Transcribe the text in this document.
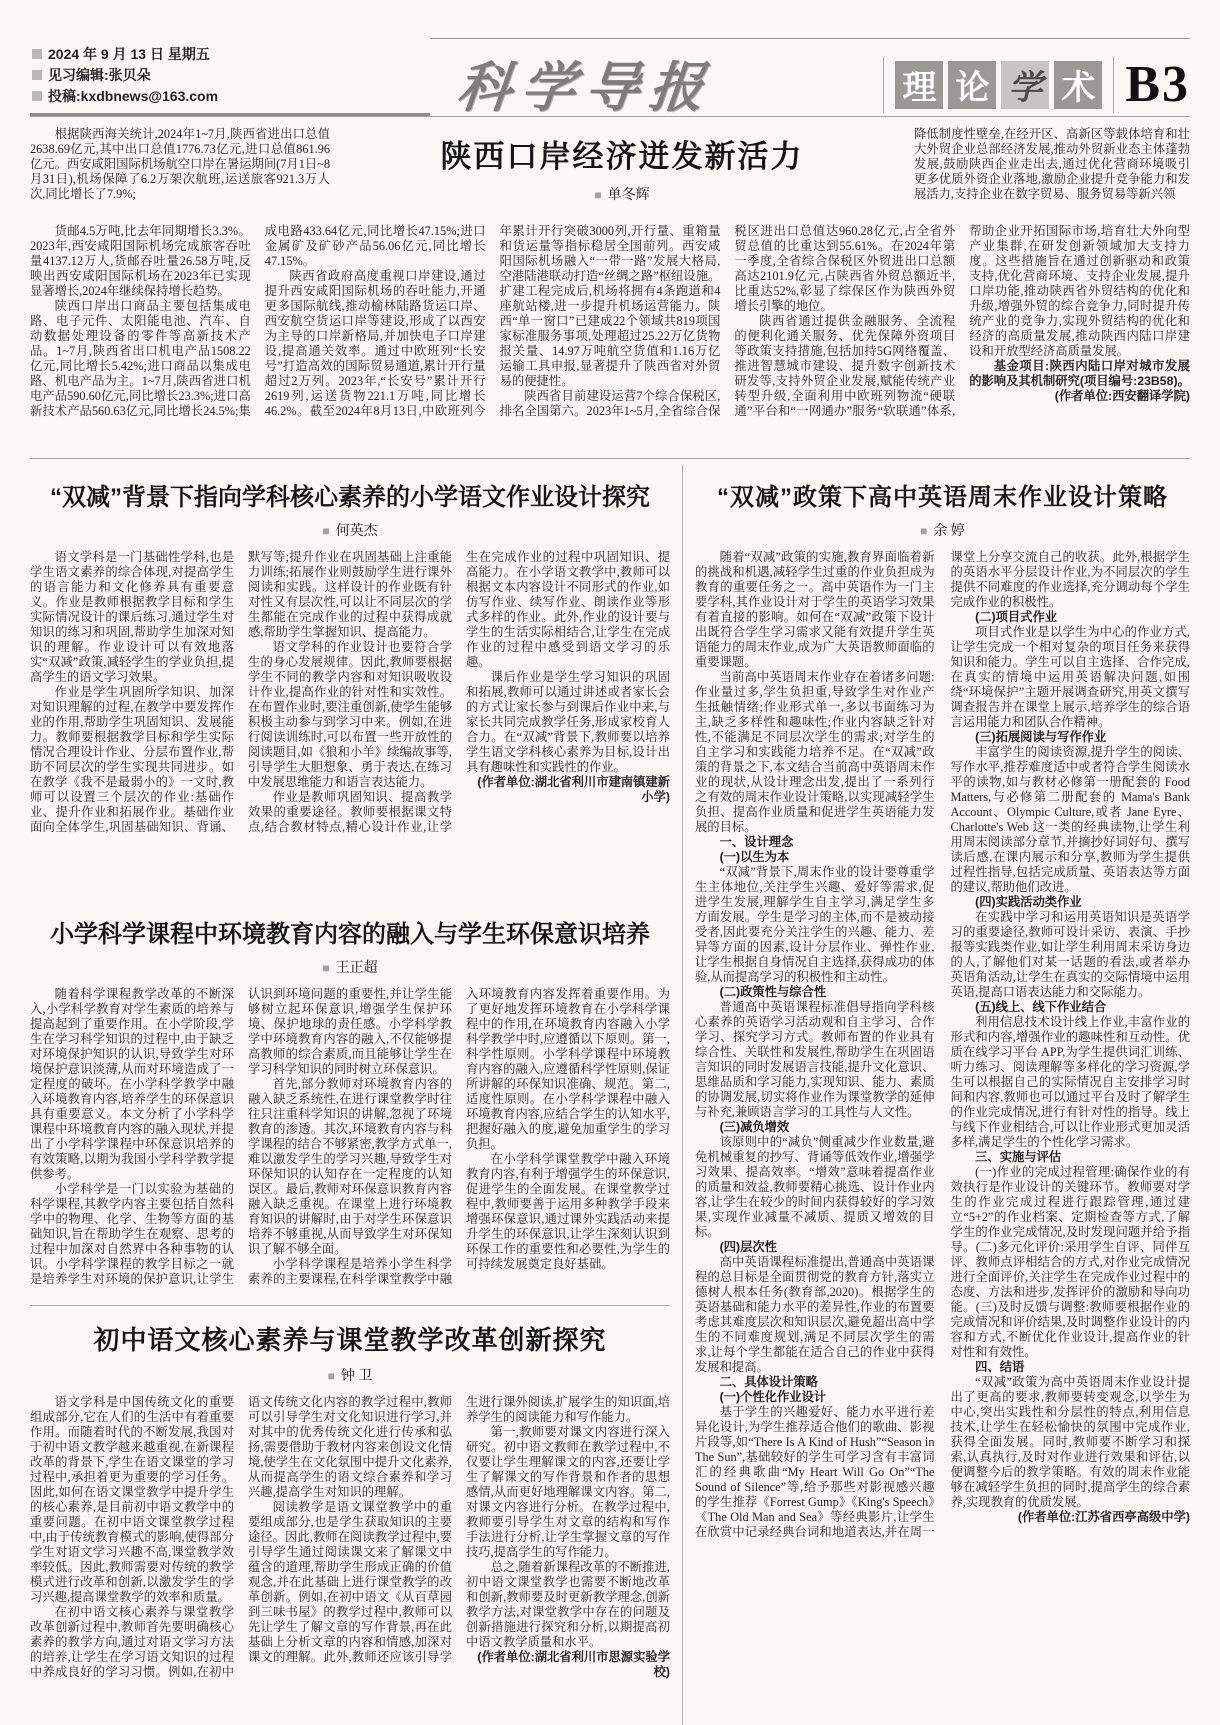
2024 年 9 月 13 日 星期五
见习编辑:张贝朵
投稿:kxdbnews@163.com	科学导报	理 论 学 术 B3
根据陕西海关统计,2024年1~7月,陕西省进出口总值2638.69亿元,其中出口总值1776.73亿元,进口总值861.96亿元。西安咸阳国际机场航空口岸在暑运期间(7月1日~8月31日),机场保障了6.2万架次航班,运送旅客921.3万人次,同比增长了7.9%;
陕西口岸经济迸发新活力
■ 单冬辉
降低制度性壁垒,在经开区、高新区等载体培育和壮大外贸企业总部经济发展,推动外贸新业态主体蓬勃发展,鼓励陕西企业走出去,通过优化营商环境吸引更多优质外资企业落地,激励企业提升竞争能力和发展活力,支持企业在数字贸易、服务贸易等新兴领

货邮4.5万吨,比去年同期增长3.3%。2023年,西安咸阳国际机场完成旅客吞吐量4137.12万人,货邮吞吐量26.58万吨,反映出西安咸阳国际机场在2023年已实现显著增长,2024年继续保持增长趋势。

陕西口岸出口商品主要包括集成电路、电子元件、太阳能电池、汽车、自动数据处理设备的零件等高新技术产品。1~7月,陕西省出口机电产品1508.22亿元,同比增长5.42%;进口商品以集成电路、机电产品为主。1~7月,陕西省进口机电产品590.60亿元,同比增长23.3%;进口高新技术产品560.63亿元,同比增长24.5%;集成电路433.64亿元,同比增长47.15%;进口金属矿及矿砂产品56.06亿元,同比增长47.15%。

陕西省政府高度重视口岸建设,通过提升西安咸阳国际机场的吞吐能力,开通更多国际航线,推动榆林陆路货运口岸、西安航空货运口岸等建设,形成了以西安为主导的口岸新格局,并加快电子口岸建设,提高通关效率。通过中欧班列“长安号”打造高效的国际贸易通道,累计开行量超过2万列。2023年,“长安号”累计开行2619列,运送货物221.1万吨,同比增长46.2%。截至2024年8月13日,中欧班列今年累计开行突破3000列,开行量、重箱量和货运量等指标稳居全国前列。西安咸阳国际机场融入“一带一路”发展大格局,空港陆港联动打造“丝绸之路”枢纽设施。扩建工程完成后,机场将拥有4条跑道和4座航站楼,进一步提升机场运营能力。陕西“单一窗口”已建成22个领域共819项国家标准服务事项,处理超过25.22万亿货物报关量、14.97万吨航空货值和1.16万亿运输工具申报,显著提升了陕西省对外贸易的便捷性。

陕西省目前建设运营7个综合保税区,排名全国第六。2023年1~5月,全省综合保税区进出口总值达960.28亿元,占全省外贸总值的比重达到55.61%。在2024年第一季度,全省综合保税区外贸进出口总额高达2101.9亿元,占陕西省外贸总额近半,比重达52%,彰显了综保区作为陕西外贸增长引擎的地位。

陕西省通过提供金融服务、全流程的便利化通关服务、优先保障外资项目等政策支持措施,包括加持5G网络覆盖、推进智慧城市建设、提升数字创新技术研发等,支持外贸企业发展,赋能传统产业转型升级,全面利用中欧班列物流“硬联通”平台和“一网通办”服务“软联通”体系,帮助企业开拓国际市场,培育壮大外向型产业集群,在研发创新领域加大支持力度。这些措施旨在通过创新驱动和政策支持,优化营商环境、支持企业发展,提升口岸功能,推动陕西省外贸结构的优化和升级,增强外贸的综合竞争力,同时提升传统产业的竞争力,实现外贸结构的优化和经济的高质量发展,推动陕西内陆口岸建设和开放型经济高质量发展。

基金项目:陕西内陆口岸对城市发展的影响及其机制研究(项目编号:23B58)。

(作者单位:西安翻译学院)

“双减”背景下指向学科核心素养的小学语文作业设计探究
■ 何英杰

语文学科是一门基础性学科,也是学生语文素养的综合体现,对提高学生的语言能力和文化修养具有重要意义。作业是教师根据教学目标和学生实际情况设计的课后练习,通过学生对知识的练习和巩固,帮助学生加深对知识的理解。作业设计可以有效地落实“双减”政策,减轻学生的学业负担,提高学生的语文学习效果。

作业是学生巩固所学知识、加深对知识理解的过程,在教学中要发挥作业的作用,帮助学生巩固知识、发展能力。教师要根据教学目标和学生实际情况合理设计作业、分层布置作业,帮助不同层次的学生实现共同进步。如在教学《我不是最弱小的》一文时,教师可以设置三个层次的作业:基础作业、提升作业和拓展作业。基础作业面向全体学生,巩固基础知识、背诵、默写等;提升作业在巩固基础上注重能力训练;拓展作业则鼓励学生进行课外阅读和实践。这样设计的作业既有针对性又有层次性,可以让不同层次的学生都能在完成作业的过程中获得成就感,帮助学生掌握知识、提高能力。

语文学科的作业设计也要符合学生的身心发展规律。因此,教师要根据学生不同的教学内容和对知识吸收设计作业,提高作业的针对性和实效性。在布置作业时,要注重创新,使学生能够积极主动参与到学习中来。例如,在进行阅读训练时,可以布置一些开放性的阅读题目,如《狼和小羊》续编故事等,引导学生大胆想象、勇于表达,在练习中发展思维能力和语言表达能力。

作业是教师巩固知识、提高教学效果的重要途径。教师要根据课文特点,结合教材特点,精心设计作业,让学生在完成作业的过程中巩固知识、提高能力。在小学语文教学中,教师可以根据文本内容设计不同形式的作业,如仿写作业、续写作业、朗读作业等形式多样的作业。此外,作业的设计要与学生的生活实际相结合,让学生在完成作业的过程中感受到语文学习的乐趣。

课后作业是学生学习知识的巩固和拓展,教师可以通过讲述或者家长会的方式让家长参与到课后作业中来,与家长共同完成教学任务,形成家校育人合力。在“双减”背景下,教师要以培养学生语文学科核心素养为目标,设计出具有趣味性和实践性的作业。

(作者单位:湖北省利川市建南镇建新小学)

小学科学课程中环境教育内容的融入与学生环保意识培养
■ 王正超

随着科学课程教学改革的不断深入,小学科学教育对学生素质的培养与提高起到了重要作用。在小学阶段,学生在学习科学知识的过程中,由于缺乏对环境保护知识的认识,导致学生对环境保护意识淡薄,从而对环境造成了一定程度的破坏。在小学科学教学中融入环境教育内容,培养学生的环保意识具有重要意义。本文分析了小学科学课程中环境教育内容的融入现状,并提出了小学科学课程中环保意识培养的有效策略,以期为我国小学科学教学提供参考。

小学科学是一门以实验为基础的科学课程,其教学内容主要包括自然科学中的物理、化学、生物等方面的基础知识,旨在帮助学生在观察、思考的过程中加深对自然界中各种事物的认识。小学科学课程的教学目标之一就是培养学生对环境的保护意识,让学生认识到环境问题的重要性,并让学生能够树立起环保意识,增强学生保护环境、保护地球的责任感。小学科学教学中环境教育内容的融入,不仅能够提高教师的综合素质,而且能够让学生在学习科学知识的同时树立环保意识。

首先,部分教师对环境教育内容的融入缺乏系统性,在进行课堂教学时往往只注重科学知识的讲解,忽视了环境教育的渗透。其次,环境教育内容与科学课程的结合不够紧密,教学方式单一,难以激发学生的学习兴趣,导致学生对环保知识的认知存在一定程度的认知误区。最后,教师对环保意识教育内容融入缺乏重视。在课堂上进行环境教育知识的讲解时,由于对学生环保意识培养不够重视,从而导致学生对环保知识了解不够全面。

小学科学课程是培养小学生科学素养的主要课程,在科学课堂教学中融入环境教育内容发挥着重要作用。为了更好地发挥环境教育在小学科学课程中的作用,在环境教育内容融入小学科学教学中时,应遵循以下原则。第一,科学性原则。小学科学课程中环境教育内容的融入,应遵循科学性原则,保证所讲解的环保知识准确、规范。第二,适度性原则。在小学科学课程中融入环境教育内容,应结合学生的认知水平,把握好融入的度,避免加重学生的学习负担。

在小学科学课堂教学中融入环境教育内容,有利于增强学生的环保意识,促进学生的全面发展。在课堂教学过程中,教师要善于运用多种教学手段来增强环保意识,通过课外实践活动来提升学生的环保意识,让学生深刻认识到环保工作的重要性和必要性,为学生的可持续发展奠定良好基础。

初中语文核心素养与课堂教学改革创新探究
■ 钟 卫

语文学科是中国传统文化的重要组成部分,它在人们的生活中有着重要作用。而随着时代的不断发展,我国对于初中语文教学越来越重视,在新课程改革的背景下,学生在语文课堂的学习过程中,承担着更为重要的学习任务。因此,如何在语文课堂教学中提升学生的核心素养,是目前初中语文教学中的重要问题。在初中语文课堂教学过程中,由于传统教育模式的影响,使得部分学生对语文学习兴趣不高,课堂教学效率较低。因此,教师需要对传统的教学模式进行改革和创新,以激发学生的学习兴趣,提高课堂教学的效率和质量。

在初中语文核心素养与课堂教学改革创新过程中,教师首先要明确核心素养的教学方向,通过对语文学习方法的培养,让学生在学习语文知识的过程中养成良好的学习习惯。例如,在初中语文传统文化内容的教学过程中,教师可以引导学生对文化知识进行学习,并对其中的优秀传统文化进行传承和弘扬,需要借助于教材内容来创设文化情境,使学生在文化氛围中提升文化素养,从而提高学生的语文综合素养和学习兴趣,提高学生对知识的理解。

阅读教学是语文课堂教学中的重要组成部分,也是学生获取知识的主要途径。因此,教师在阅读教学过程中,要引导学生通过阅读课文来了解课文中蕴含的道理,帮助学生形成正确的价值观念,并在此基础上进行课堂教学的改革创新。例如,在初中语文《从百草园到三味书屋》的教学过程中,教师可以先让学生了解文章的写作背景,再在此基础上分析文章的内容和情感,加深对课文的理解。此外,教师还应该引导学生进行课外阅读,扩展学生的知识面,培养学生的阅读能力和写作能力。

第一,教师要对课文内容进行深入研究。初中语文教师在教学过程中,不仅要让学生理解课文的内容,还要让学生了解课文的写作背景和作者的思想感情,从而更好地理解课文内容。第二,对课文内容进行分析。在教学过程中,教师要引导学生对文章的结构和写作手法进行分析,让学生掌握文章的写作技巧,提高学生的写作能力。

总之,随着新课程改革的不断推进,初中语文课堂教学也需要不断地改革和创新,教师要及时更新教学理念,创新教学方法,对课堂教学中存在的问题及创新措施进行探究和分析,以期提高初中语文教学质量和水平。

(作者单位:湖北省利川市思源实验学校)

“双减”政策下高中英语周末作业设计策略
■ 余 婷

随着“双减”政策的实施,教育界面临着新的挑战和机遇,减轻学生过重的作业负担成为教育的重要任务之一。高中英语作为一门主要学科,其作业设计对于学生的英语学习效果有着直接的影响。如何在“双减”政策下设计出既符合学生学习需求又能有效提升学生英语能力的周末作业,成为广大英语教师面临的重要课题。

当前高中英语周末作业存在着诸多问题:作业量过多,学生负担重,导致学生对作业产生抵触情绪;作业形式单一,多以书面练习为主,缺乏多样性和趣味性;作业内容缺乏针对性,不能满足不同层次学生的需求;对学生的自主学习和实践能力培养不足。在“双减”政策的背景之下,本文结合当前高中英语周末作业的现状,从设计理念出发,提出了一系列行之有效的周末作业设计策略,以实现减轻学生负担、提高作业质量和促进学生英语能力发展的目标。

一、设计理念
(一)以生为本

“双减”背景下,周末作业的设计要尊重学生主体地位,关注学生兴趣、爱好等需求,促进学生发展,理解学生自主学习,满足学生多方面发展。学生是学习的主体,而不是被动接受者,因此要充分关注学生的兴趣、能力、差异等方面的因素,设计分层作业、弹性作业,让学生根据自身情况自主选择,获得成功的体验,从而提高学习的积极性和主动性。

(二)政策性与综合性

普通高中英语课程标准倡导指向学科核心素养的英语学习活动观和自主学习、合作学习、探究学习方式。教师布置的作业具有综合性、关联性和发展性,帮助学生在巩固语言知识的同时发展语言技能,提升文化意识、思维品质和学习能力,实现知识、能力、素质的协调发展,切实将作业作为课堂教学的延伸与补充,兼顾语言学习的工具性与人文性。

(三)减负增效

该原则中的“减负”侧重减少作业数量,避免机械重复的抄写、背诵等低效作业,增强学习效果、提高效率。“增效”意味着提高作业的质量和效益,教师要精心挑选、设计作业内容,让学生在较少的时间内获得较好的学习效果,实现作业减量不减质、提质又增效的目标。

(四)层次性

高中英语课程标准提出,普通高中英语课程的总目标是全面贯彻党的教育方针,落实立德树人根本任务(教育部,2020)。根据学生的英语基础和能力水平的差异性,作业的布置要考虑其难度层次和知识层次,避免超出高中学生的不同难度规划,满足不同层次学生的需求,让每个学生都能在适合自己的作业中获得发展和提高。

二、具体设计策略
(一)个性化作业设计

基于学生的兴趣爱好、能力水平进行差异化设计,为学生推荐适合他们的歌曲、影视片段等,如“There Is A Kind of Hush”“Season in The Sun”,基础较好的学生可学习含有丰富词汇的经典歌曲“My Heart Will Go On”“The Sound of Silence”等,给予那些对影视感兴趣的学生推荐《Forrest Gump》《King's Speech》《The Old Man and Sea》等经典影片,让学生在欣赏中记录经典台词和地道表达,并在周一课堂上分享交流自己的收获。此外,根据学生的英语水平分层设计作业,为不同层次的学生提供不同难度的作业选择,充分调动每个学生完成作业的积极性。

(二)项目式作业

项目式作业是以学生为中心的作业方式,让学生完成一个相对复杂的项目任务来获得知识和能力。学生可以自主选择、合作完成,在真实的情境中运用英语解决问题,如围绕“环境保护”主题开展调查研究,用英文撰写调查报告并在课堂上展示,培养学生的综合语言运用能力和团队合作精神。

(三)拓展阅读与写作作业

丰富学生的阅读资源,提升学生的阅读、写作水平,推荐难度适中或者符合学生阅读水平的读物,如与教材必修第一册配套的 Food Matters,与必修第二册配套的 Mama's Bank Account、Olympic Culture,或者 Jane Eyre、Charlotte's Web 这一类的经典读物,让学生利用周末阅读部分章节,并摘抄好词好句、撰写读后感,在课内展示和分享,教师为学生提供过程性指导,包括完成质量、英语表达等方面的建议,帮助他们改进。

(四)实践活动类作业

在实践中学习和运用英语知识是英语学习的重要途径,教师可设计采访、表演、手抄报等实践类作业,如让学生利用周末采访身边的人,了解他们对某一话题的看法,或者举办英语角活动,让学生在真实的交际情境中运用英语,提高口语表达能力和交际能力。

(五)线上、线下作业结合

利用信息技术设计线上作业,丰富作业的形式和内容,增强作业的趣味性和互动性。优质在线学习平台 APP,为学生提供词汇训练、听力练习、阅读理解等多样化的学习资源,学生可以根据自己的实际情况自主安排学习时间和内容,教师也可以通过平台及时了解学生的作业完成情况,进行有针对性的指导。线上与线下作业相结合,可以让作业形式更加灵活多样,满足学生的个性化学习需求。

三、实施与评估

(一)作业的完成过程管理:确保作业的有效执行是作业设计的关键环节。教师要对学生的作业完成过程进行跟踪管理,通过建立“5+2”的作业档案、定期检查等方式,了解学生的作业完成情况,及时发现问题并给予指导。(二)多元化评价:采用学生自评、同伴互评、教师点评相结合的方式,对作业完成情况进行全面评价,关注学生在完成作业过程中的态度、方法和进步,发挥评价的激励和导向功能。(三)及时反馈与调整:教师要根据作业的完成情况和评价结果,及时调整作业设计的内容和方式,不断优化作业设计,提高作业的针对性和有效性。

四、结语

“双减”政策为高中英语周末作业设计提出了更高的要求,教师要转变观念,以学生为中心,突出实践性和分层性的特点,利用信息技术,让学生在轻松愉快的氛围中完成作业,获得全面发展。同时,教师要不断学习和探索,认真执行,及时对作业进行效果和评估,以便调整今后的教学策略。有效的周末作业能够在减轻学生负担的同时,提高学生的综合素养,实现教育的优质发展。

(作者单位:江苏省西亭高级中学)
